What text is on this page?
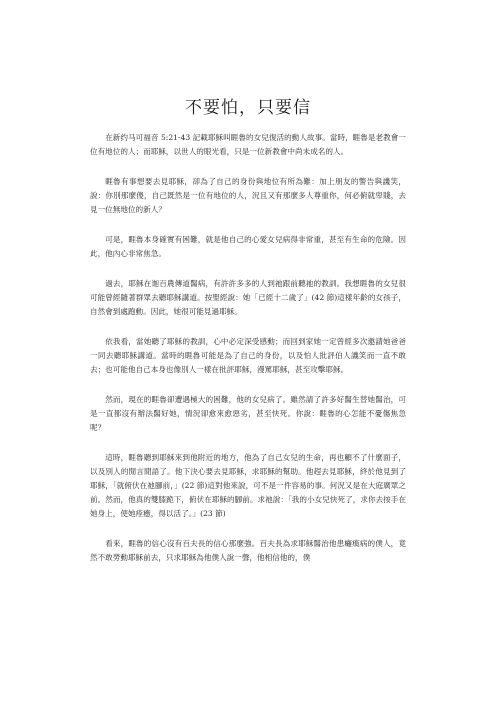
不要怕，只要信

在新约马可福音 5:21-43 記載耶穌叫睚魯的女兒復活的動人故事。當時，睚魯是老教會一位有地位的人；而耶穌，以世人的眼光看，只是一位新教會中尚未成名的人。

睚魯有事想要去見耶穌，卻為了自己的身份與地位有所為難：加上朋友的警告與譏笑，說：你別那麼傻，自己既然是一位有地位的人，況且又有那麼多人尊重你，何必俯就卑賤，去見一位無地位的新人？

可是，睚魯本身確實有困難，就是他自己的心愛女兒病得非常重，甚至有生命的危險。因此，他內心非常焦急。

過去，耶穌在迦百農傳道醫病，有許許多多的人到祂跟前聽祂的教訓。我想睚魯的女兒很可能曾經隨著群眾去聽耶穌講道。按聖經說：她「已經十二歲了」(42 節)這樣年齡的女孩子，自然會到處跑動。因此，她很可能見過耶穌。

依我看，當她聽了耶穌的教訓，心中必定深受感動；而回到家她一定曾經多次邀請她爸爸一同去聽耶穌講道。當時的睚魯可能是為了自己的身份，以及怕人批評伯人譏笑而一直不敢去；也可能他自己本身也像別人一樣在批評耶穌，漫罵耶穌，甚至攻擊耶穌。

然而，現在的睚魯卻遭遇極大的困難，他的女兒病了。雖然請了許多好醫生替她醫治，可是一直都沒有辦法醫好她，情況卻愈來愈惡劣，甚至快死。你說：睚魯的心怎能不憂傷焦急呢？

這時，睚魯聽到耶穌來到他附近的地方，他為了自己女兒的生命，再也顧不了什麼面子，以及別人的閒言閒語了。他下決心要去見耶穌，求耶穌的幫助。他趕去見耶穌，終於他見到了耶穌，「就俯伏在祂腳前，」(22 節)這對他來說，可不是一件容易的事。何況又是在大庭廣眾之前。然而，他真的雙膝跪下，俯伏在耶穌的腳前。求祂說：「我的小女兒快死了，求你去按手在她身上，使她痊癒，得以活了。」(23 節)

看來，睚魯的信心沒有百夫長的信心那麼強。百夫長為求耶穌醫治他患癱瘓病的僕人，竟然不敢勞動耶穌前去，只求耶穌為他僕人說一聲，他相信他的，僕
